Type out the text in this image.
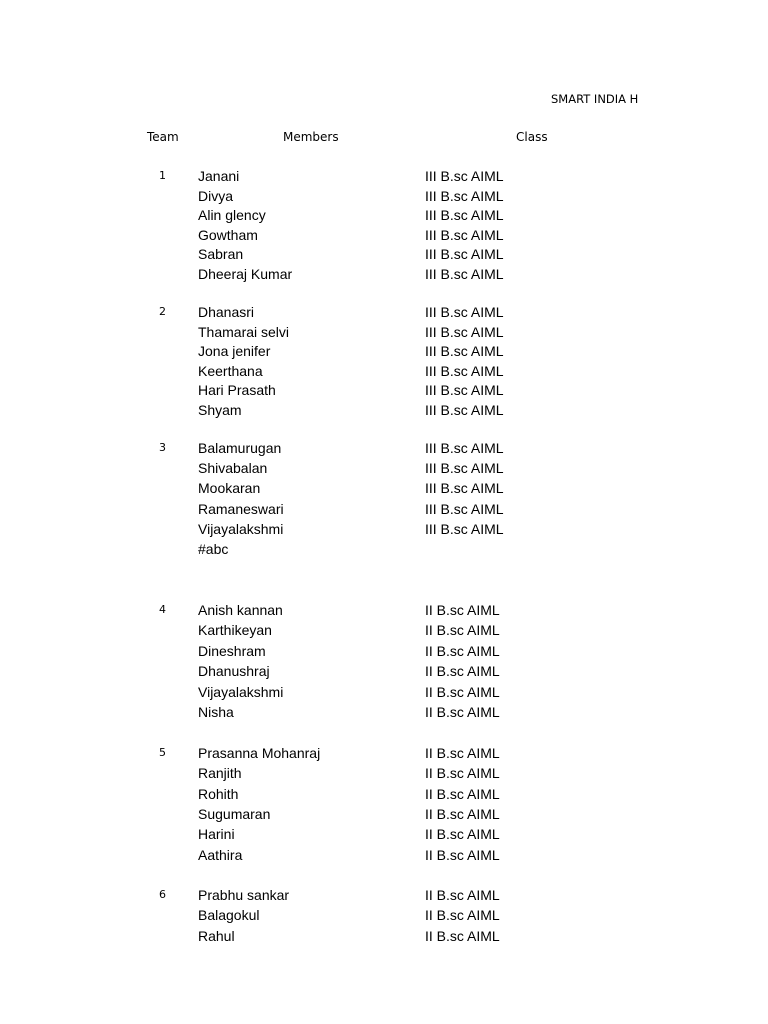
SMART INDIA H
Team	Members	Class
1 Janani	III B.sc AIML
Divya	III B.sc AIML
Alin glency	III B.sc AIML
Gowtham	III B.sc AIML
Sabran	III B.sc AIML
Dheeraj Kumar	III B.sc AIML
2 Dhanasri	III B.sc AIML
Thamarai selvi	III B.sc AIML
Jona jenifer	III B.sc AIML
Keerthana	III B.sc AIML
Hari Prasath	III B.sc AIML
Shyam	III B.sc AIML
3 Balamurugan	III B.sc AIML
Shivabalan	III B.sc AIML
Mookaran	III B.sc AIML
Ramaneswari	III B.sc AIML
Vijayalakshmi	III B.sc AIML
#abc
4 Anish kannan	II B.sc AIML
Karthikeyan	II B.sc AIML
Dineshram	II B.sc AIML
Dhanushraj	II B.sc AIML
Vijayalakshmi	II B.sc AIML
Nisha	II B.sc AIML
5 Prasanna Mohanraj	II B.sc AIML
Ranjith	II B.sc AIML
Rohith	II B.sc AIML
Sugumaran	II B.sc AIML
Harini	II B.sc AIML
Aathira	II B.sc AIML
6 Prabhu sankar	II B.sc AIML
Balagokul	II B.sc AIML
Rahul	II B.sc AIML
